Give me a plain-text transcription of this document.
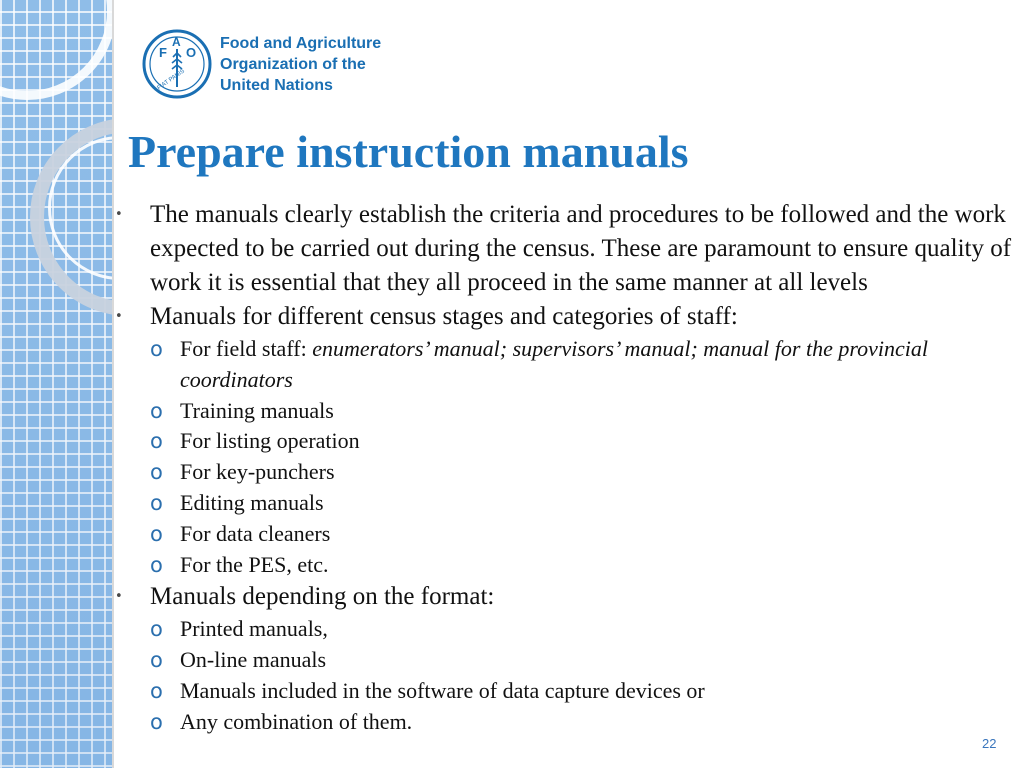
F
A
O
FIAT PANIS
Food and Agriculture
Organization of the
United Nations
Prepare instruction manuals

• The manuals clearly establish the criteria and procedures to be followed and the work expected to be carried out during the census. These are paramount to ensure quality of work it is essential that they all proceed in the same manner at all levels

• Manuals for different census stages and categories of staff:

o For field staff: enumerators’ manual; supervisors’ manual; manual for the provincial coordinators

o Training manuals

o For listing operation

o For key-punchers

o Editing manuals

o For data cleaners

o For the PES, etc.

• Manuals depending on the format:

o Printed manuals,

o On-line manuals

o Manuals included in the software of data capture devices or

o Any combination of them.

22
